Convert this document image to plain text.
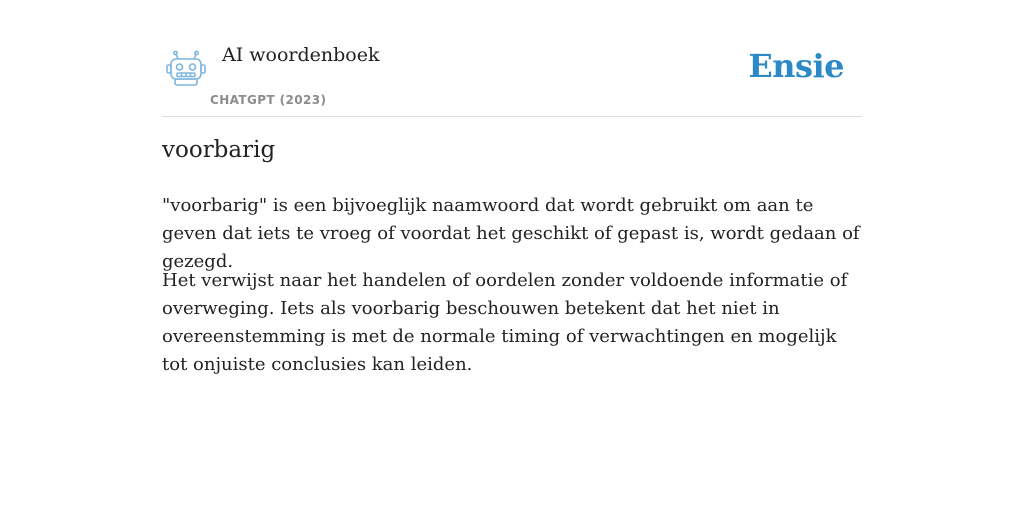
AI woordenboek
CHATGPT (2023)
Ensie
voorbarig

"voorbarig" is een bijvoeglijk naamwoord dat wordt gebruikt om aan te geven dat iets te vroeg of voordat het geschikt of gepast is, wordt gedaan of gezegd.

Het verwijst naar het handelen of oordelen zonder voldoende informatie of overweging. Iets als voorbarig beschouwen betekent dat het niet in overeenstemming is met de normale timing of verwachtingen en mogelijk tot onjuiste conclusies kan leiden.
